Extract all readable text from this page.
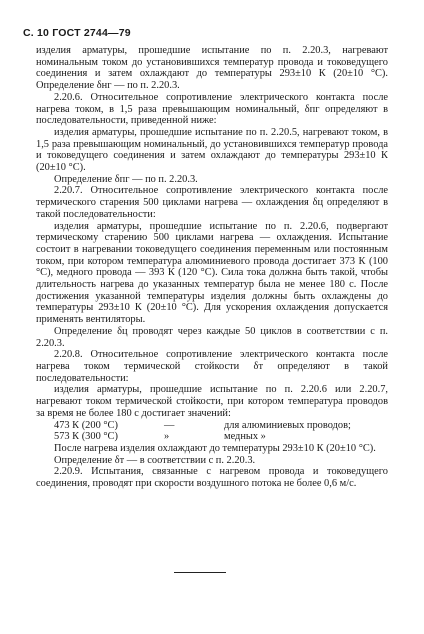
С. 10 ГОСТ 2744—79

изделия арматуры, прошедшие испытание по п. 2.20.3, нагревают номинальным током до установившихся температур провода и токоведущего соединения и затем охлаждают до температуры 293±10 К (20±10 °С). Определение δнг — по п. 2.20.3.

2.20.6. Относительное сопротивление электрического контакта после нагрева током, в 1,5 раза превышающим номинальный, δпг определяют в последовательности, приведенной ниже:

изделия арматуры, прошедшие испытание по п. 2.20.5, нагревают током, в 1,5 раза превышающим номинальный, до установившихся температур провода и токоведущего соединения и затем охлаждают до температуры 293±10 К (20±10 °С).

Определение δпг — по п. 2.20.3.

2.20.7. Относительное сопротивление электрического контакта после термического старения 500 циклами нагрева — охлаждения δц определяют в такой последовательности:

изделия арматуры, прошедшие испытание по п. 2.20.6, подвергают термическому старению 500 циклами нагрева — охлаждения. Испытание состоит в нагревании токоведущего соединения переменным или постоянным током, при котором температура алюминиевого провода достигает 373 К (100 °С), медного провода — 393 К (120 °С). Сила тока должна быть такой, чтобы длительность нагрева до указанных температур была не менее 180 с. После достижения указанной температуры изделия должны быть охлаждены до температуры 293±10 К (20±10 °С). Для ускорения охлаждения допускается применять вентиляторы.

Определение δц проводят через каждые 50 циклов в соответствии с п. 2.20.3.

2.20.8. Относительное сопротивление электрического контакта после нагрева током термической стойкости δт определяют в такой последовательности:

изделия арматуры, прошедшие испытание по п. 2.20.6 или 2.20.7, нагревают током термической стойкости, при котором температура проводов за время не более 180 с достигает значений:

473 К (200 °С)	—	для алюминиевых проводов;
573 К (300 °С)	»	медных »

После нагрева изделия охлаждают до температуры 293±10 К (20±10 °С).

Определение δт — в соответствии с п. 2.20.3.

2.20.9. Испытания, связанные с нагревом провода и токоведущего соединения, проводят при скорости воздушного потока не более 0,6 м/с.
